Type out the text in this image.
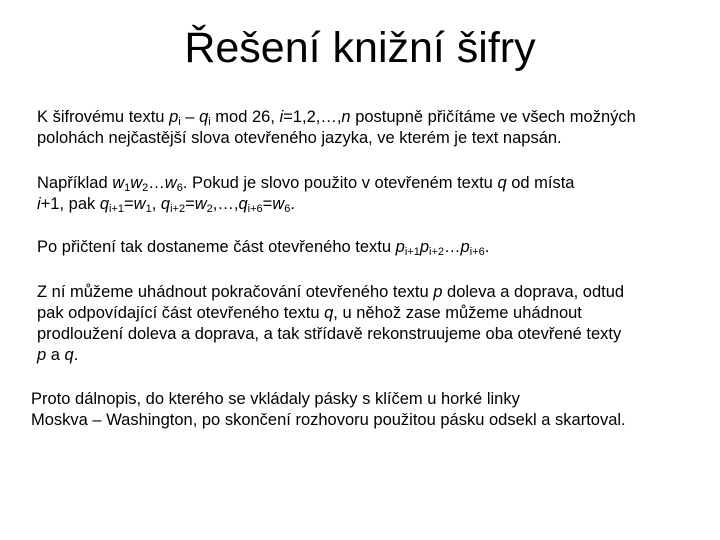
Řešení knižní šifry
K šifrovému textu $p_i - q_i$ mod 26, i=1,2,…,n postupně přičítáme ve všech možných
polohách nejčastější slova otevřeného jazyka, ve kterém je text napsán.
Například $w_1w_2\dots w_6$. Pokud je slovo použito v otevřeném textu q od místa
i+1, pak $q_{i+1}=w_1$, $q_{i+2}=w_2,\dots,q_{i+6}=w_6$.
Po přičtení tak dostaneme část otevřeného textu $p_{i+1}p_{i+2}\dots p_{i+6}$.
Z ní můžeme uhádnout pokračování otevřeného textu p doleva a doprava, odtud
pak odpovídající část otevřeného textu q, u něhož zase můžeme uhádnout
prodloužení doleva a doprava, a tak střídavě rekonstruujeme oba otevřené texty
p a q.
Proto dálnopis, do kterého se vkládaly pásky s klíčem u horké linky
Moskva – Washington, po skončení rozhovoru použitou pásku odsekl a skartoval.
